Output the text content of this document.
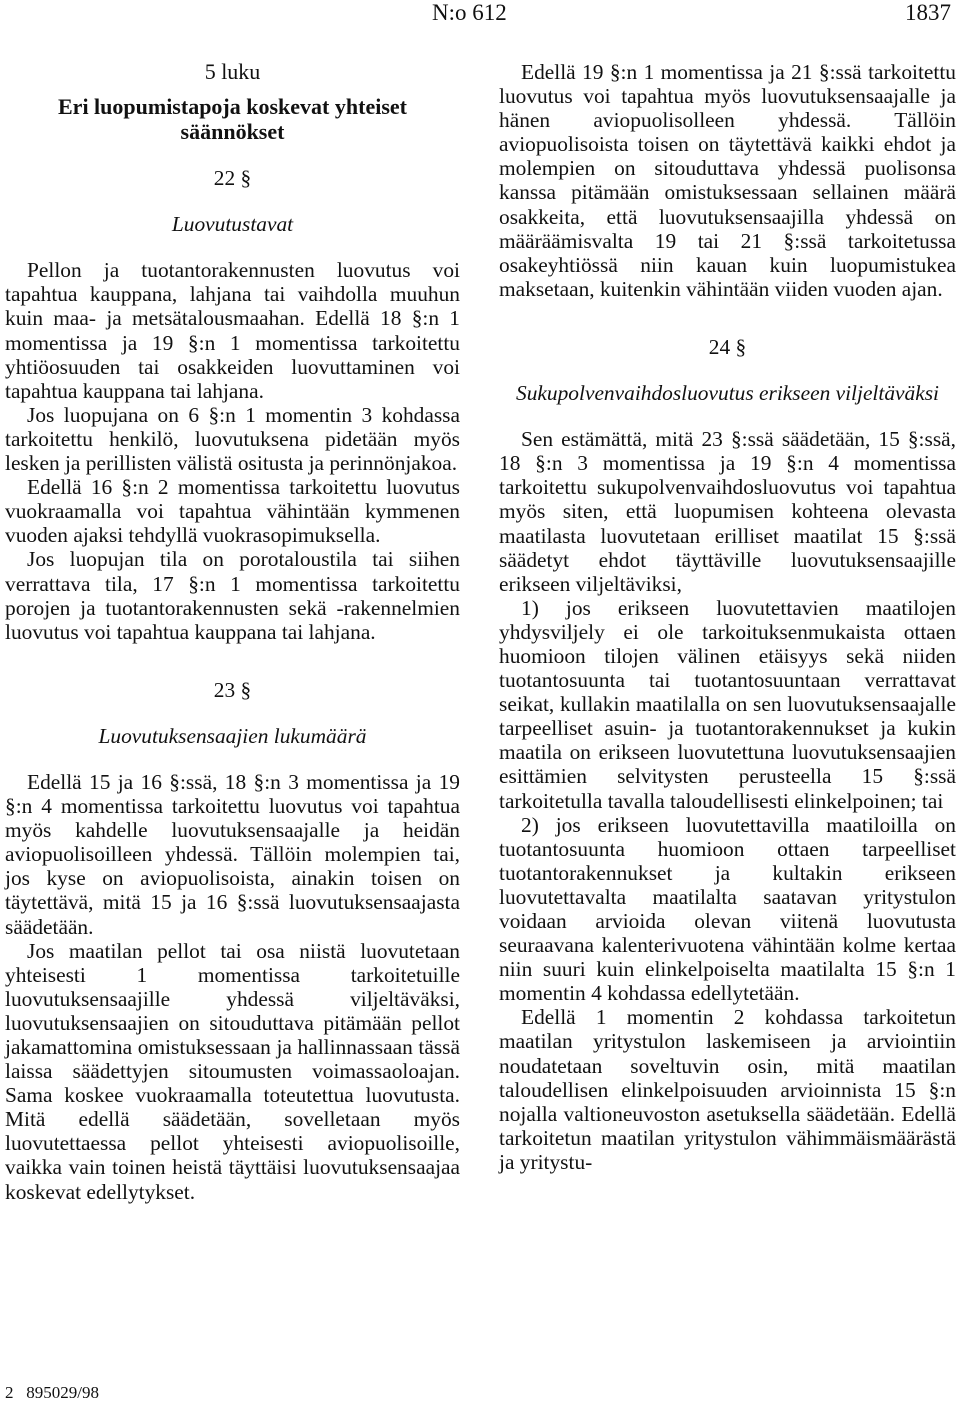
N:o 612	1837
5 luku
Eri luopumistapoja koskevat yhteiset säännökset
22 §
Luovutustavat

Pellon ja tuotantorakennusten luovutus voi tapahtua kauppana, lahjana tai vaihdolla muuhun kuin maa- ja metsätalousmaahan. Edellä 18 §:n 1 momentissa ja 19 §:n 1 momentissa tarkoitettu yhtiöosuuden tai osakkeiden luovuttaminen voi tapahtua kauppana tai lahjana.

Jos luopujana on 6 §:n 1 momentin 3 kohdassa tarkoitettu henkilö, luovutuksena pidetään myös lesken ja perillisten välistä ositusta ja perinnönjakoa.

Edellä 16 §:n 2 momentissa tarkoitettu luovutus vuokraamalla voi tapahtua vähintään kymmenen vuoden ajaksi tehdyllä vuokrasopimuksella.

Jos luopujan tila on porotaloustila tai siihen verrattava tila, 17 §:n 1 momentissa tarkoitettu porojen ja tuotantorakennusten sekä -rakennelmien luovutus voi tapahtua kauppana tai lahjana.

23 §
Luovutuksensaajien lukumäärä

Edellä 15 ja 16 §:ssä, 18 §:n 3 momentissa ja 19 §:n 4 momentissa tarkoitettu luovutus voi tapahtua myös kahdelle luovutuksensaajalle ja heidän aviopuolisoilleen yhdessä. Tällöin molempien tai, jos kyse on aviopuolisoista, ainakin toisen on täytettävä, mitä 15 ja 16 §:ssä luovutuksensaajasta säädetään.

Jos maatilan pellot tai osa niistä luovutetaan yhteisesti 1 momentissa tarkoitetuille luovutuksensaajille yhdessä viljeltäväksi, luovutuksensaajien on sitouduttava pitämään pellot jakamattomina omistuksessaan ja hallinnassaan tässä laissa säädettyjen sitoumusten voimassaoloajan. Sama koskee vuokraamalla toteutettua luovutusta. Mitä edellä säädetään, sovelletaan myös luovutettaessa pellot yhteisesti aviopuolisoille, vaikka vain toinen heistä täyttäisi luovutuksensaajaa koskevat edellytykset.

Edellä 19 §:n 1 momentissa ja 21 §:ssä tarkoitettu luovutus voi tapahtua myös luovutuksensaajalle ja hänen aviopuolisolleen yhdessä. Tällöin aviopuolisoista toisen on täytettävä kaikki ehdot ja molempien on sitouduttava yhdessä puolisonsa kanssa pitämään omistuksessaan sellainen määrä osakkeita, että luovutuksensaajilla yhdessä on määräämisvalta 19 tai 21 §:ssä tarkoitetussa osakeyhtiössä niin kauan kuin luopumistukea maksetaan, kuitenkin vähintään viiden vuoden ajan.

24 §
Sukupolvenvaihdosluovutus erikseen viljeltäväksi

Sen estämättä, mitä 23 §:ssä säädetään, 15 §:ssä, 18 §:n 3 momentissa ja 19 §:n 4 momentissa tarkoitettu sukupolvenvaihdosluovutus voi tapahtua myös siten, että luopumisen kohteena olevasta maatilasta luovutetaan erilliset maatilat 15 §:ssä säädetyt ehdot täyttäville luovutuksensaajille erikseen viljeltäviksi,

1) jos erikseen luovutettavien maatilojen yhdysviljely ei ole tarkoituksenmukaista ottaen huomioon tilojen välinen etäisyys sekä niiden tuotantosuunta tai tuotantosuuntaan verrattavat seikat, kullakin maatilalla on sen luovutuksensaajalle tarpeelliset asuin- ja tuotantorakennukset ja kukin maatila on erikseen luovutettuna luovutuksensaajien esittämien selvitysten perusteella 15 §:ssä tarkoitetulla tavalla taloudellisesti elinkelpoinen; tai

2) jos erikseen luovutettavilla maatiloilla on tuotantosuunta huomioon ottaen tarpeelliset tuotantorakennukset ja kultakin erikseen luovutettavalta maatilalta saatavan yritystulon voidaan arvioida olevan viitenä luovutusta seuraavana kalenterivuotena vähintään kolme kertaa niin suuri kuin elinkelpoiselta maatilalta 15 §:n 1 momentin 4 kohdassa edellytetään.

Edellä 1 momentin 2 kohdassa tarkoitetun maatilan yritystulon laskemiseen ja arviointiin noudatetaan soveltuvin osin, mitä maatilan taloudellisen elinkelpoisuuden arvioinnista 15 §:n nojalla valtioneuvoston asetuksella säädetään. Edellä tarkoitetun maatilan yritystulon vähimmäismäärästä ja yritystu-

2 895029/98
